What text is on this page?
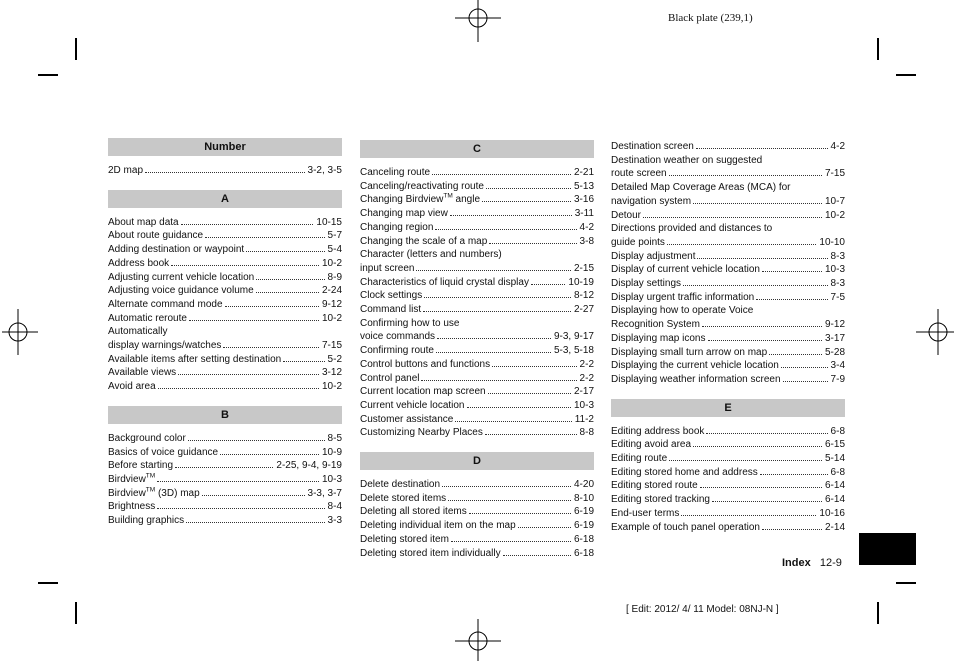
Black plate (239,1)
Number
2D map	3-2, 3-5
A
About map data	10-15
About route guidance	5-7
Adding destination or waypoint	5-4
Address book	10-2
Adjusting current vehicle location	8-9
Adjusting voice guidance volume	2-24
Alternate command mode	9-12
Automatic reroute	10-2
Automatically
display warnings/watches	7-15
Available items after setting destination	5-2
Available views	3-12
Avoid area	10-2
B
Background color	8-5
Basics of voice guidance	10-9
Before starting	2-25, 9-4, 9-19
Birdview™	10-3
Birdview™ (3D) map	3-3, 3-7
Brightness	8-4
Building graphics	3-3
C
Canceling route	2-21
Canceling/reactivating route	5-13
Changing Birdview™ angle	3-16
Changing map view	3-11
Changing region	4-2
Changing the scale of a map	3-8
Character (letters and numbers)
input screen	2-15
Characteristics of liquid crystal display	10-19
Clock settings	8-12
Command list	2-27
Confirming how to use
voice commands	9-3, 9-17
Confirming route	5-3, 5-18
Control buttons and functions	2-2
Control panel	2-2
Current location map screen	2-17
Current vehicle location	10-3
Customer assistance	11-2
Customizing Nearby Places	8-8
D
Delete destination	4-20
Delete stored items	8-10
Deleting all stored items	6-19
Deleting individual item on the map	6-19
Deleting stored item	6-18
Deleting stored item individually	6-18
Destination screen	4-2
Destination weather on suggested
route screen	7-15
Detailed Map Coverage Areas (MCA) for
navigation system	10-7
Detour	10-2
Directions provided and distances to
guide points	10-10
Display adjustment	8-3
Display of current vehicle location	10-3
Display settings	8-3
Display urgent traffic information	7-5
Displaying how to operate Voice
Recognition System	9-12
Displaying map icons	3-17
Displaying small turn arrow on map	5-28
Displaying the current vehicle location	3-4
Displaying weather information screen	7-9
E
Editing address book	6-8
Editing avoid area	6-15
Editing route	5-14
Editing stored home and address	6-8
Editing stored route	6-14
Editing stored tracking	6-14
End-user terms	10-16
Example of touch panel operation	2-14
Index 12-9
[ Edit: 2012/ 4/ 11 Model: 08NJ-N ]
